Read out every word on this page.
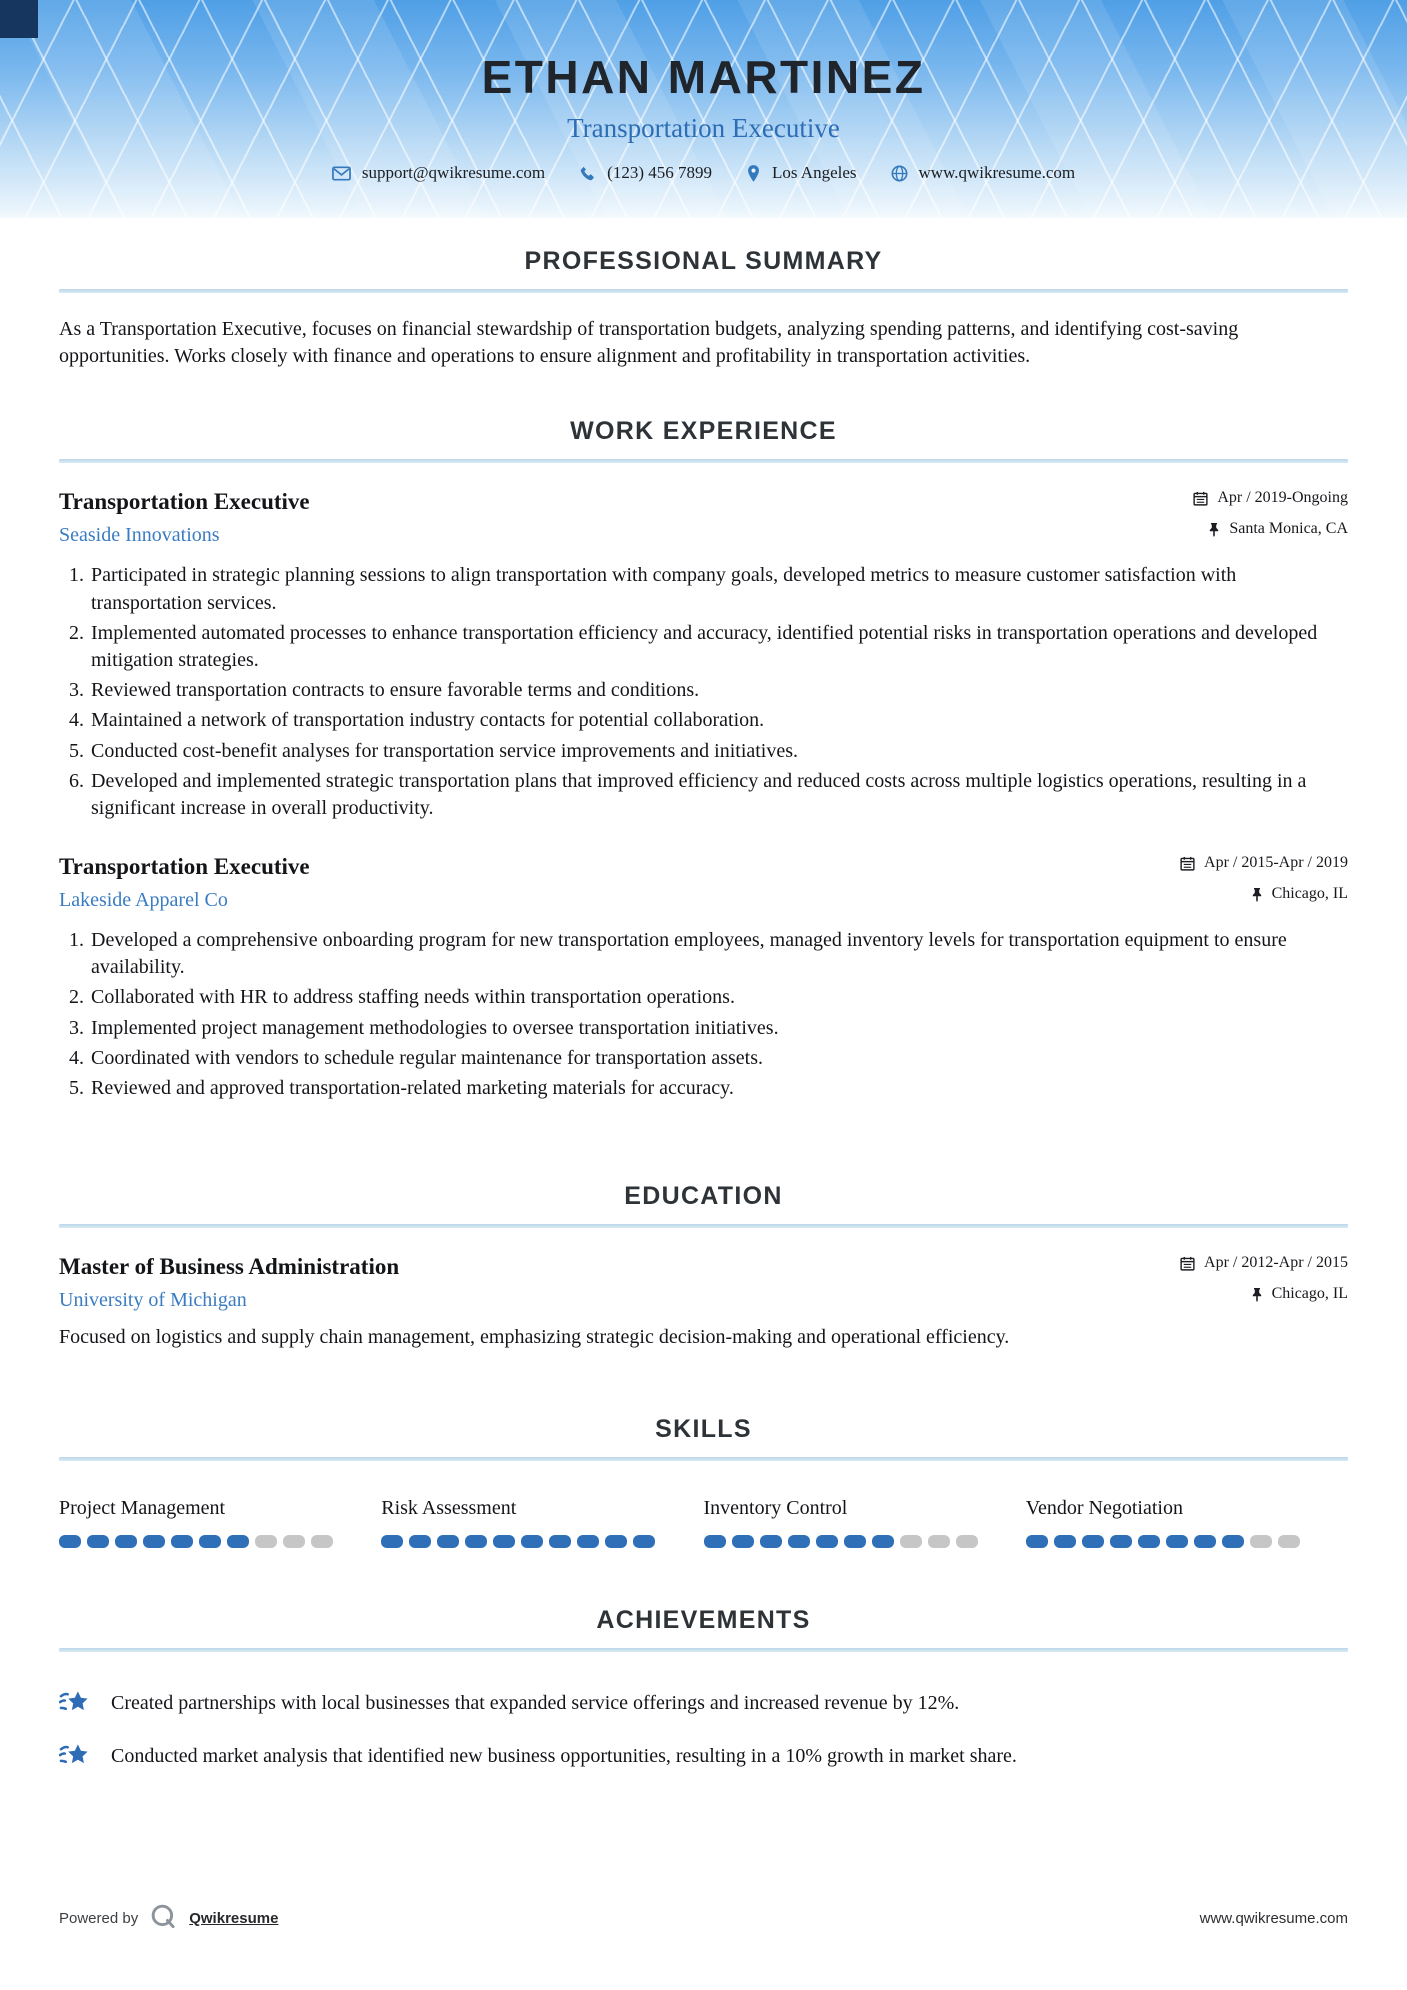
ETHAN MARTINEZ
Transportation Executive
support@qwikresume.com	(123) 456 7899	Los Angeles	www.qwikresume.com
PROFESSIONAL SUMMARY

As a Transportation Executive, focuses on financial stewardship of transportation budgets, analyzing spending patterns, and identifying cost-saving opportunities. Works closely with finance and operations to ensure alignment and profitability in transportation activities.

WORK EXPERIENCE
Transportation Executive
Seaside Innovations
Apr / 2019-Ongoing
Santa Monica, CA
1. Participated in strategic planning sessions to align transportation with company goals, developed metrics to measure customer satisfaction with transportation services.
2. Implemented automated processes to enhance transportation efficiency and accuracy, identified potential risks in transportation operations and developed mitigation strategies.
3. Reviewed transportation contracts to ensure favorable terms and conditions.
4. Maintained a network of transportation industry contacts for potential collaboration.
5. Conducted cost-benefit analyses for transportation service improvements and initiatives.
6. Developed and implemented strategic transportation plans that improved efficiency and reduced costs across multiple logistics operations, resulting in a significant increase in overall productivity.
Transportation Executive
Lakeside Apparel Co
Apr / 2015-Apr / 2019
Chicago, IL
1. Developed a comprehensive onboarding program for new transportation employees, managed inventory levels for transportation equipment to ensure availability.
2. Collaborated with HR to address staffing needs within transportation operations.
3. Implemented project management methodologies to oversee transportation initiatives.
4. Coordinated with vendors to schedule regular maintenance for transportation assets.
5. Reviewed and approved transportation-related marketing materials for accuracy.
EDUCATION
Master of Business Administration
University of Michigan
Apr / 2012-Apr / 2015
Chicago, IL

Focused on logistics and supply chain management, emphasizing strategic decision-making and operational efficiency.

SKILLS
Project Management	Risk Assessment	Inventory Control	Vendor Negotiation
ACHIEVEMENTS
Created partnerships with local businesses that expanded service offerings and increased revenue by 12%.
Conducted market analysis that identified new business opportunities, resulting in a 10% growth in market share.
Powered by	Qwikresume	www.qwikresume.com
